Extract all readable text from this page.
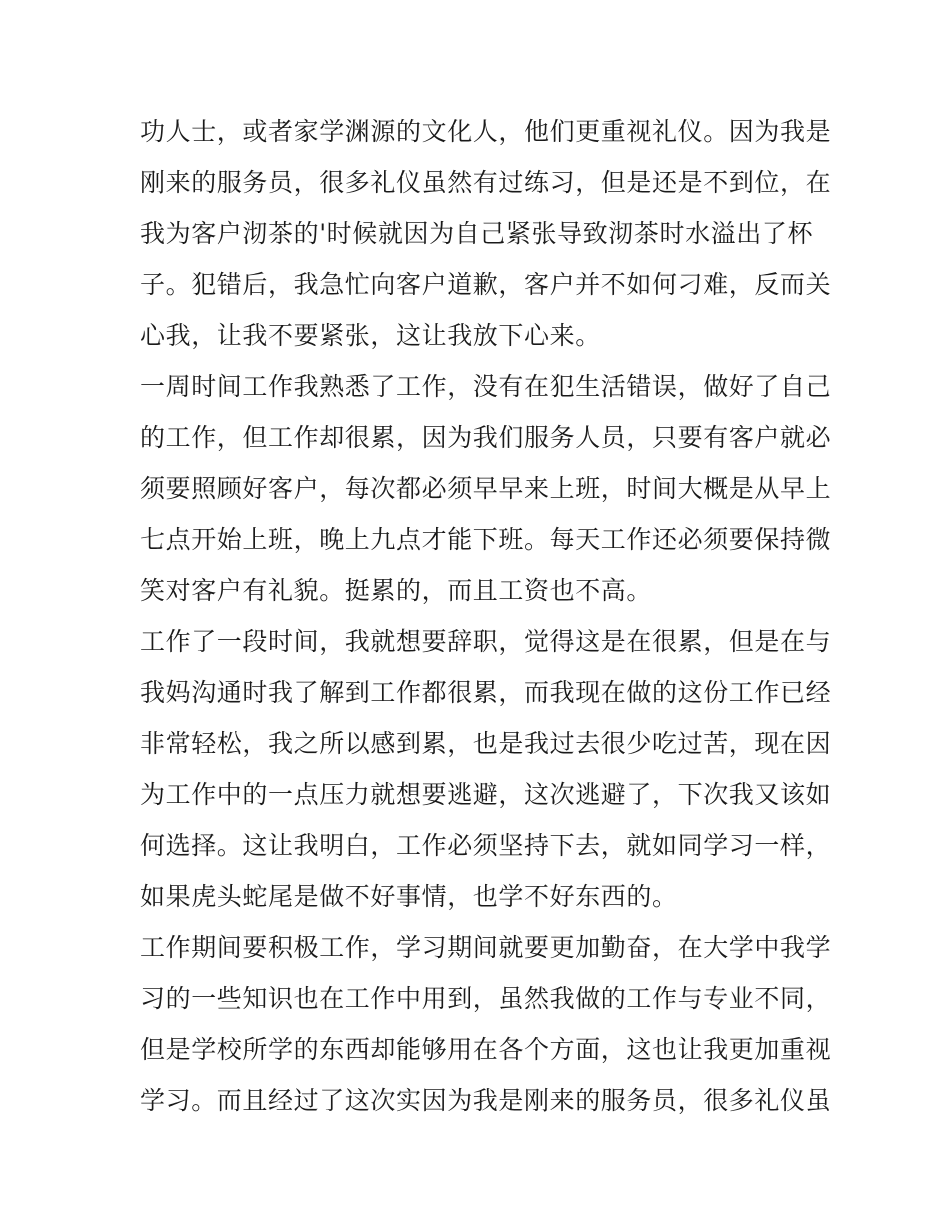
功人士，或者家学渊源的文化人，他们更重视礼仪。因为我是
刚来的服务员，很多礼仪虽然有过练习，但是还是不到位，在
我为客户沏茶的'时候就因为自己紧张导致沏茶时水溢出了杯
子。犯错后，我急忙向客户道歉，客户并不如何刁难，反而关
心我，让我不要紧张，这让我放下心来。
一周时间工作我熟悉了工作，没有在犯生活错误，做好了自己
的工作，但工作却很累，因为我们服务人员，只要有客户就必
须要照顾好客户，每次都必须早早来上班，时间大概是从早上
七点开始上班，晚上九点才能下班。每天工作还必须要保持微
笑对客户有礼貌。挺累的，而且工资也不高。
工作了一段时间，我就想要辞职，觉得这是在很累，但是在与
我妈沟通时我了解到工作都很累，而我现在做的这份工作已经
非常轻松，我之所以感到累，也是我过去很少吃过苦，现在因
为工作中的一点压力就想要逃避，这次逃避了，下次我又该如
何选择。这让我明白，工作必须坚持下去，就如同学习一样，
如果虎头蛇尾是做不好事情，也学不好东西的。
工作期间要积极工作，学习期间就要更加勤奋，在大学中我学
习的一些知识也在工作中用到，虽然我做的工作与专业不同，
但是学校所学的东西却能够用在各个方面，这也让我更加重视
学习。而且经过了这次实因为我是刚来的服务员，很多礼仪虽
